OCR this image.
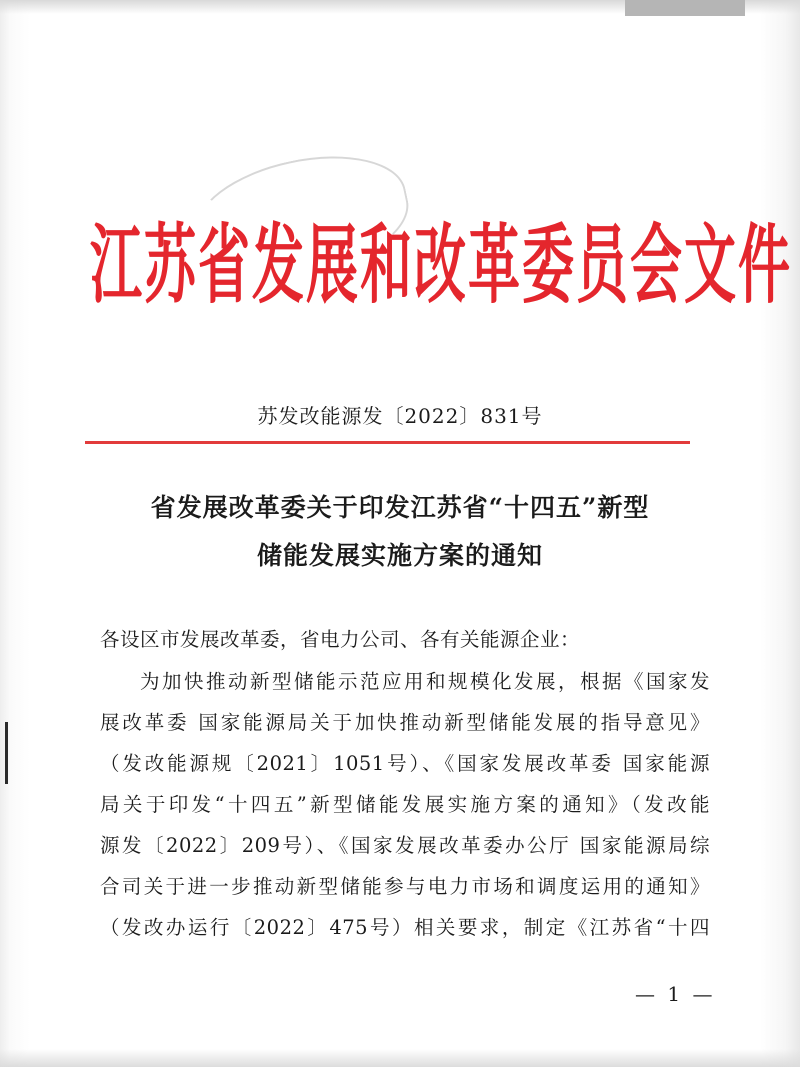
江苏省发展和改革委员会文件
苏发改能源发〔2022〕831号
省发展改革委关于印发江苏省“十四五”新型
储能发展实施方案的通知
各设区市发展改革委，省电力公司、各有关能源企业：
为加快推动新型储能示范应用和规模化发展，根据《国家发
展改革委 国家能源局关于加快推动新型储能发展的指导意见》
（发改能源规〔2021〕1051号）、《国家发展改革委 国家能源
局关于印发“十四五”新型储能发展实施方案的通知》（发改能
源发〔2022〕209号）、《国家发展改革委办公厅 国家能源局综
合司关于进一步推动新型储能参与电力市场和调度运用的通知》
（发改办运行〔2022〕475号）相关要求，制定《江苏省“十四
— 1 —
